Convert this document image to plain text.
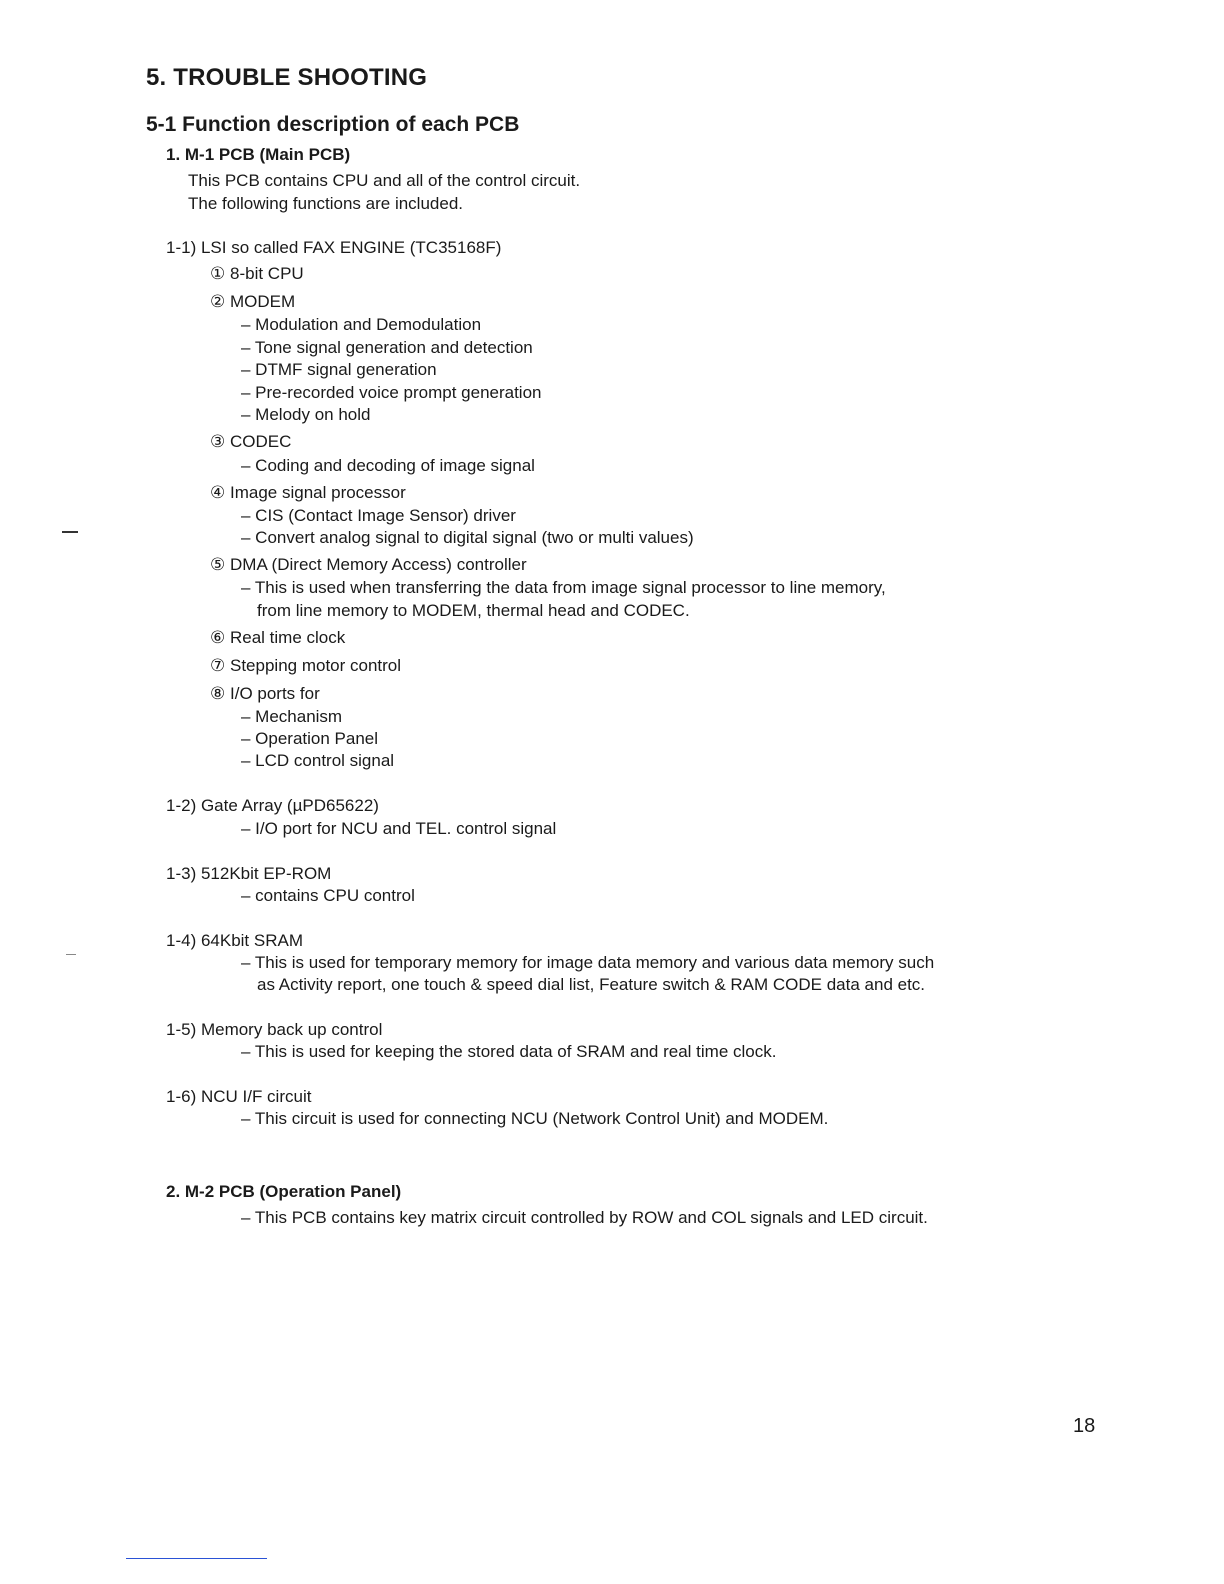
5. TROUBLE SHOOTING
5-1 Function description of each PCB
1. M-1 PCB (Main PCB)
This PCB contains CPU and all of the control circuit.
The following functions are included.
1-1) LSI so called FAX ENGINE (TC35168F)
① 8-bit CPU
② MODEM
– Modulation and Demodulation
– Tone signal generation and detection
– DTMF signal generation
– Pre-recorded voice prompt generation
– Melody on hold
③ CODEC
– Coding and decoding of image signal
④ Image signal processor
– CIS (Contact Image Sensor) driver
– Convert analog signal to digital signal (two or multi values)
⑤ DMA (Direct Memory Access) controller
– This is used when transferring the data from image signal processor to line memory,
from line memory to MODEM, thermal head and CODEC.
⑥ Real time clock
⑦ Stepping motor control
⑧ I/O ports for
– Mechanism
– Operation Panel
– LCD control signal
1-2) Gate Array (µPD65622)
– I/O port for NCU and TEL. control signal
1-3) 512Kbit EP-ROM
– contains CPU control
1-4) 64Kbit SRAM
– This is used for temporary memory for image data memory and various data memory such
as Activity report, one touch & speed dial list, Feature switch & RAM CODE data and etc.
1-5) Memory back up control
– This is used for keeping the stored data of SRAM and real time clock.
1-6) NCU I/F circuit
– This circuit is used for connecting NCU (Network Control Unit) and MODEM.
2. M-2 PCB (Operation Panel)
– This PCB contains key matrix circuit controlled by ROW and COL signals and LED circuit.
18
